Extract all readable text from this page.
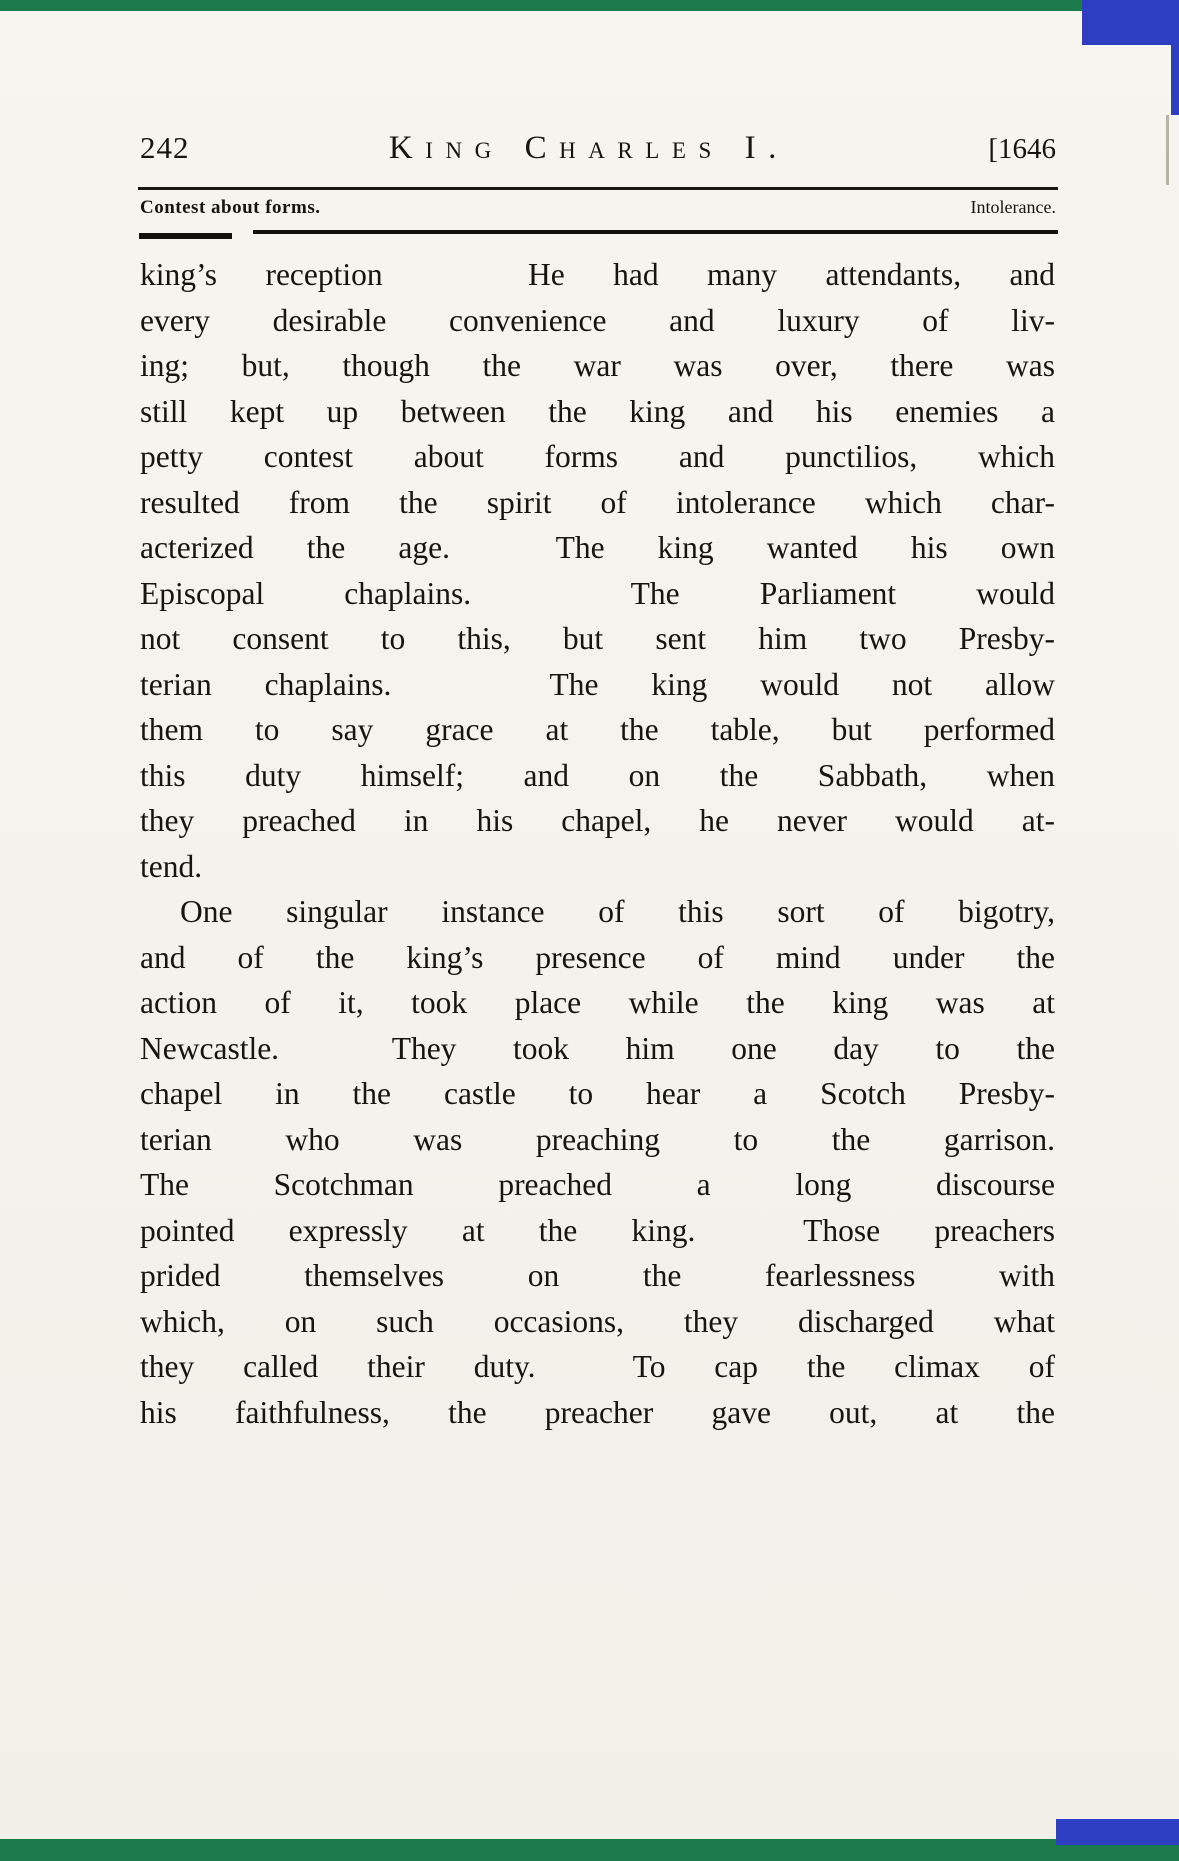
242	King Charles I.	[1646
Contest about forms.	Intolerance.
king’s reception   He had many attendants, and
every desirable convenience and luxury of liv-
ing; but, though the war was over, there was
still kept up between the king and his enemies a
petty contest about forms and punctilios, which
resulted from the spirit of intolerance which char-
acterized the age.  The king wanted his own
Episcopal chaplains.  The Parliament would
not consent to this, but sent him two Presby-
terian chaplains.   The king would not allow
them to say grace at the table, but performed
this duty himself; and on the Sabbath, when
they preached in his chapel, he never would at-
tend.
One singular instance of this sort of bigotry,
and of the king’s presence of mind under the
action of it, took place while the king was at
Newcastle.  They took him one day to the
chapel in the castle to hear a Scotch Presby-
terian who was preaching to the garrison.
The Scotchman preached a long discourse
pointed expressly at the king.  Those preachers
prided themselves on the fearlessness with
which, on such occasions, they discharged what
they called their duty.  To cap the climax of
his faithfulness, the preacher gave out, at the
